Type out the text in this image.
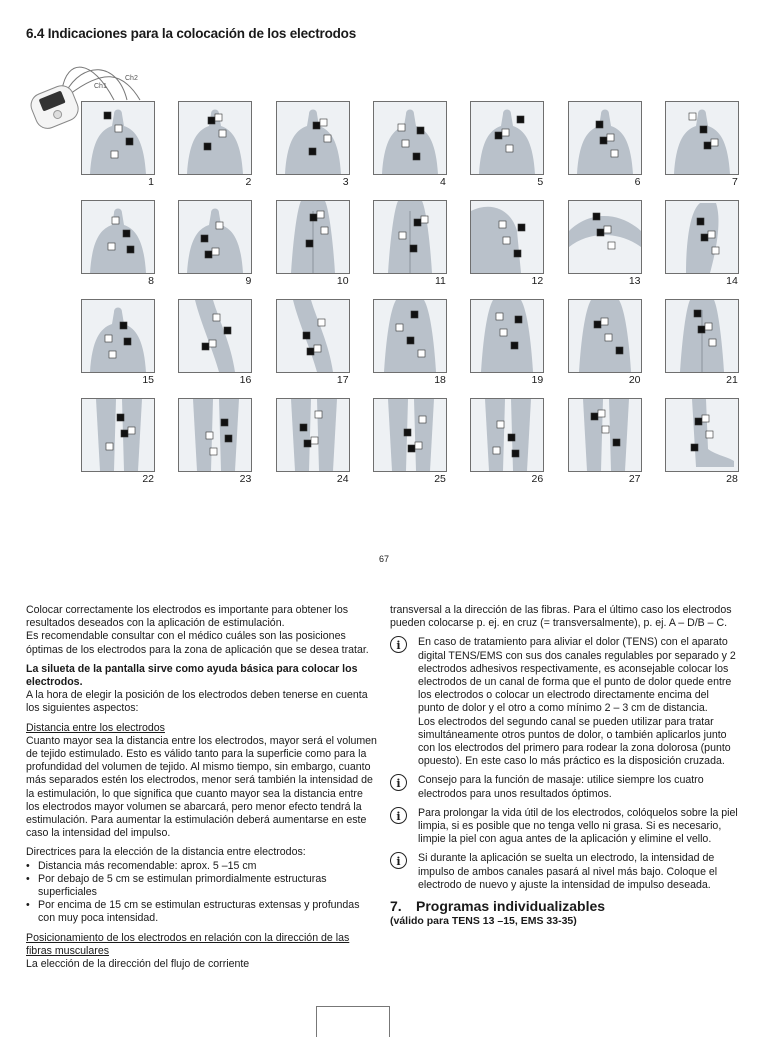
6.4 Indicaciones para la colocación de los electrodos
Ch1
Ch2
1	2	3	4	5	6	7
8	9	10	11	12	13	14
15	16	17	18	19	20	21
22	23	24	25	26	27	28
67

Colocar correctamente los electrodos es importante para obtener los resultados deseados con la aplicación de estimulación.

Es recomendable consultar con el médico cuáles son las posiciones óptimas de los electrodos para la zona de aplicación que se desea tratar.

La silueta de la pantalla sirve como ayuda básica para colocar los electrodos.

A la hora de elegir la posición de los electrodos deben tenerse en cuenta los siguientes aspectos:

Distancia entre los electrodos

Cuanto mayor sea la distancia entre los electrodos, mayor será el volumen de tejido estimulado. Esto es válido tanto para la superficie como para la profundidad del volumen de tejido. Al mismo tiempo, sin embargo, cuanto más separados estén los electrodos, menor será también la intensidad de la estimulación, lo que significa que cuanto mayor sea la distancia entre los electrodos mayor volumen se abarcará, pero menor efecto tendrá la estimulación. Para aumentar la estimulación deberá aumentarse en este caso la intensidad del impulso.

Directrices para la elección de la distancia entre electrodos:

• Distancia más recomendable: aprox. 5 –15 cm
• Por debajo de 5 cm se estimulan primordialmente estructuras superficiales
• Por encima de 15 cm se estimulan estructuras extensas y profundas con muy poca intensidad.

Posicionamiento de los electrodos en relación con la dirección de las fibras musculares

La elección de la dirección del flujo de corriente

transversal a la dirección de las fibras. Para el último caso los electrodos pueden colocarse p. ej. en cruz (= transversalmente), p. ej. A – D/B – C.

i	En caso de tratamiento para aliviar el dolor (TENS) con el aparato digital TENS/EMS con sus dos canales regulables por separado y 2 electrodos adhesivos respectivamente, es aconsejable colocar los electrodos de un canal de forma que el punto de dolor quede entre los electrodos o colocar un electrodo directamente encima del punto de dolor y el otro a como mínimo 2 – 3 cm de distancia.

Los electrodos del segundo canal se pueden utilizar para tratar simultáneamente otros puntos de dolor, o también aplicarlos junto con los electrodos del primero para rodear la zona dolorosa (punto opuesto). En este caso lo más práctico es la disposición cruzada.

i	Consejo para la función de masaje: utilice siempre los cuatro electrodos para unos resultados óptimos.

i	Para prolongar la vida útil de los electrodos, colóquelos sobre la piel limpia, si es posible que no tenga vello ni grasa. Si es necesario, limpie la piel con agua antes de la aplicación y elimine el vello.

i	Si durante la aplicación se suelta un electrodo, la intensidad de impulso de ambos canales pasará al nivel más bajo. Coloque el electrodo de nuevo y ajuste la intensidad de impulso deseada.

7. Programas individualizables
(válido para TENS 13 –15, EMS 33-35)
